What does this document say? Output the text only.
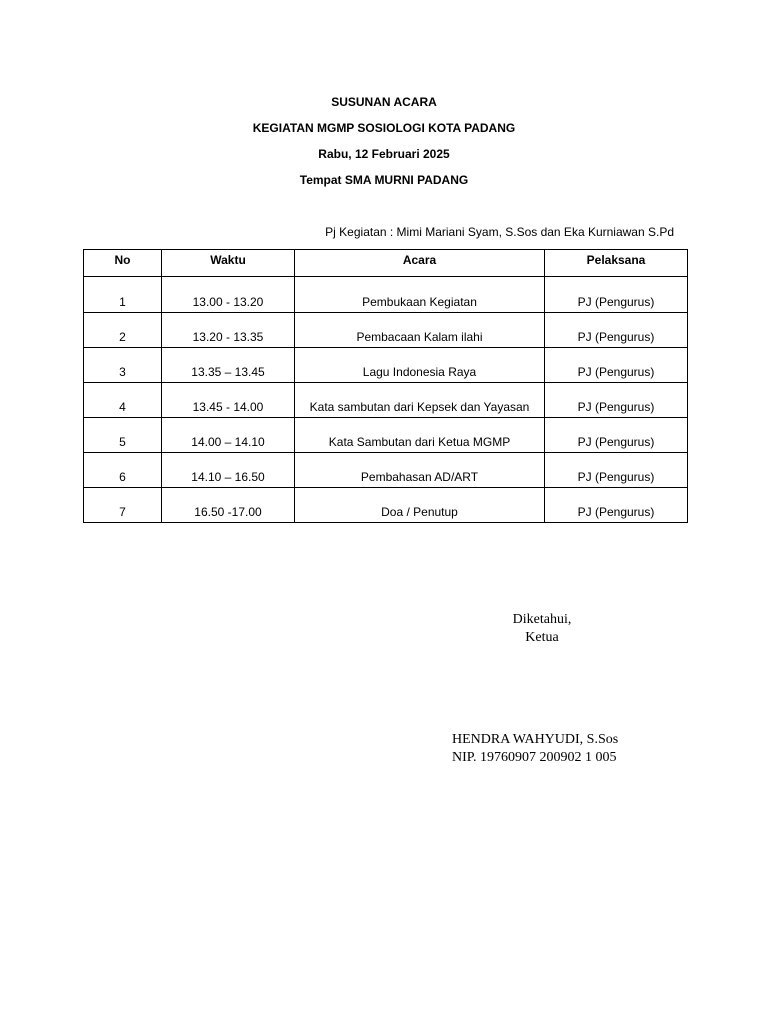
SUSUNAN ACARA
KEGIATAN MGMP SOSIOLOGI KOTA PADANG
Rabu, 12 Februari 2025
Tempat SMA MURNI PADANG
Pj Kegiatan : Mimi Mariani Syam, S.Sos dan Eka Kurniawan S.Pd
No	Waktu	Acara	Pelaksana
1	13.00 - 13.20	Pembukaan Kegiatan	PJ (Pengurus)
2	13.20 - 13.35	Pembacaan Kalam ilahi	PJ (Pengurus)
3	13.35 – 13.45	Lagu Indonesia Raya	PJ (Pengurus)
4	13.45 - 14.00	Kata sambutan dari Kepsek dan Yayasan	PJ (Pengurus)
5	14.00 – 14.10	Kata Sambutan dari Ketua MGMP	PJ (Pengurus)
6	14.10 – 16.50	Pembahasan AD/ART	PJ (Pengurus)
7	16.50 -17.00	Doa / Penutup	PJ (Pengurus)
Diketahui,
Ketua
HENDRA WAHYUDI, S.Sos
NIP. 19760907 200902 1 005
